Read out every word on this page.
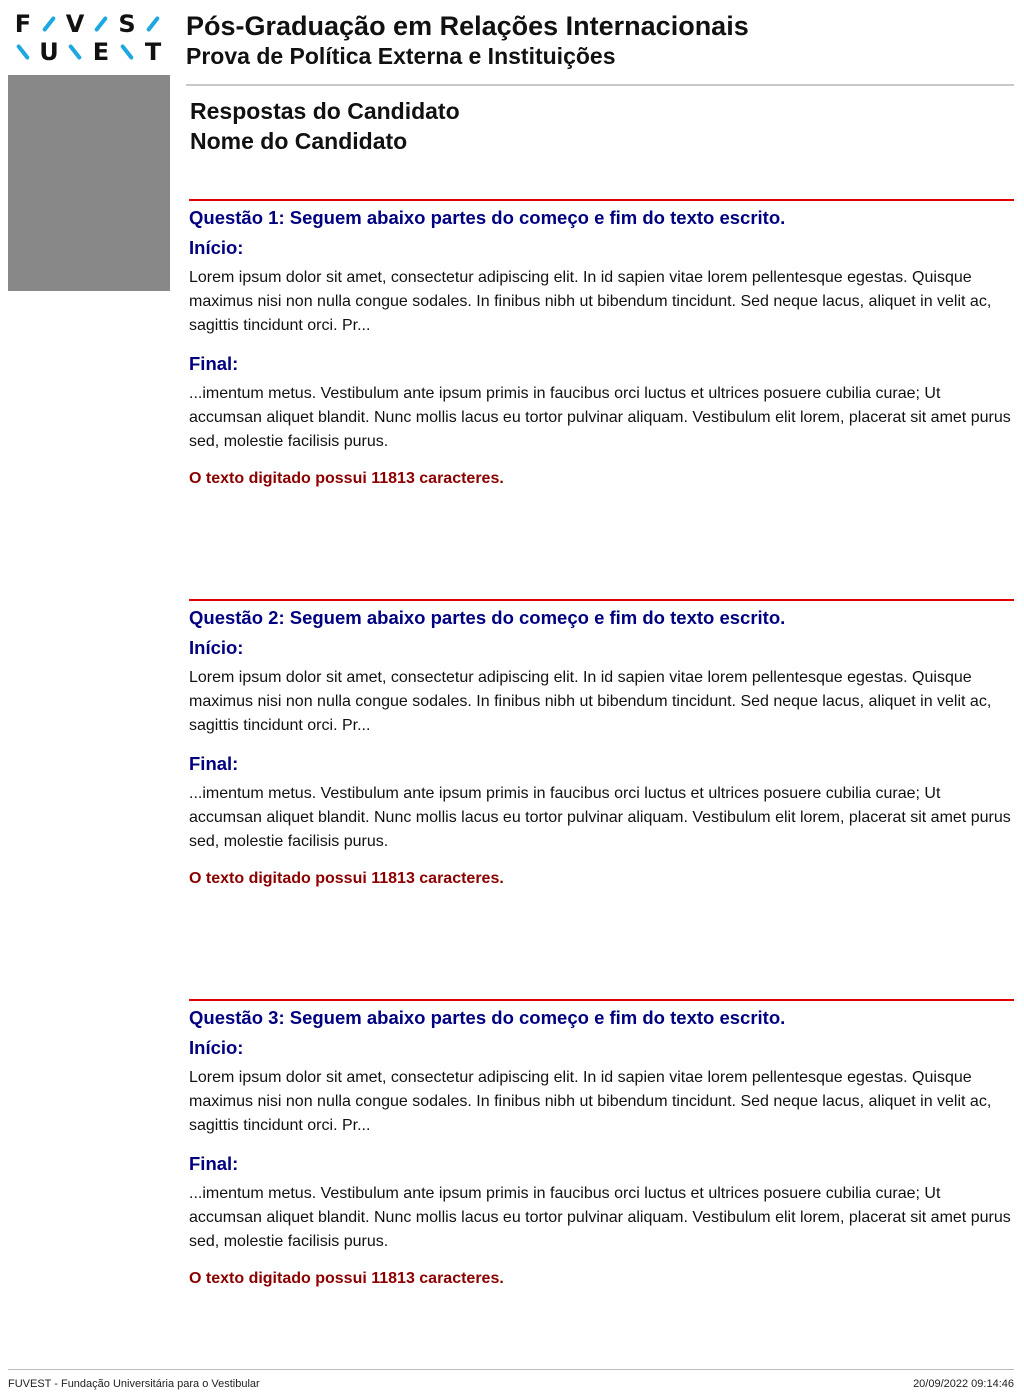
F V S
U E T
Pós-Graduação em Relações Internacionais
Prova de Política Externa e Instituições
Respostas do Candidato
Nome do Candidato
Questão 1: Seguem abaixo partes do começo e fim do texto escrito.
Início:

Lorem ipsum dolor sit amet, consectetur adipiscing elit. In id sapien vitae lorem pellentesque egestas. Quisque maximus nisi non nulla congue sodales. In finibus nibh ut bibendum tincidunt. Sed neque lacus, aliquet in velit ac, sagittis tincidunt orci. Pr...

Final:

...imentum metus. Vestibulum ante ipsum primis in faucibus orci luctus et ultrices posuere cubilia curae; Ut accumsan aliquet blandit. Nunc mollis lacus eu tortor pulvinar aliquam. Vestibulum elit lorem, placerat sit amet purus sed, molestie facilisis purus.

O texto digitado possui 11813 caracteres.

Questão 2: Seguem abaixo partes do começo e fim do texto escrito.
Início:

Lorem ipsum dolor sit amet, consectetur adipiscing elit. In id sapien vitae lorem pellentesque egestas. Quisque maximus nisi non nulla congue sodales. In finibus nibh ut bibendum tincidunt. Sed neque lacus, aliquet in velit ac, sagittis tincidunt orci. Pr...

Final:

...imentum metus. Vestibulum ante ipsum primis in faucibus orci luctus et ultrices posuere cubilia curae; Ut accumsan aliquet blandit. Nunc mollis lacus eu tortor pulvinar aliquam. Vestibulum elit lorem, placerat sit amet purus sed, molestie facilisis purus.

O texto digitado possui 11813 caracteres.

Questão 3: Seguem abaixo partes do começo e fim do texto escrito.
Início:

Lorem ipsum dolor sit amet, consectetur adipiscing elit. In id sapien vitae lorem pellentesque egestas. Quisque maximus nisi non nulla congue sodales. In finibus nibh ut bibendum tincidunt. Sed neque lacus, aliquet in velit ac, sagittis tincidunt orci. Pr...

Final:

...imentum metus. Vestibulum ante ipsum primis in faucibus orci luctus et ultrices posuere cubilia curae; Ut accumsan aliquet blandit. Nunc mollis lacus eu tortor pulvinar aliquam. Vestibulum elit lorem, placerat sit amet purus sed, molestie facilisis purus.

O texto digitado possui 11813 caracteres.

FUVEST - Fundação Universitária para o Vestibular	20/09/2022 09:14:46
